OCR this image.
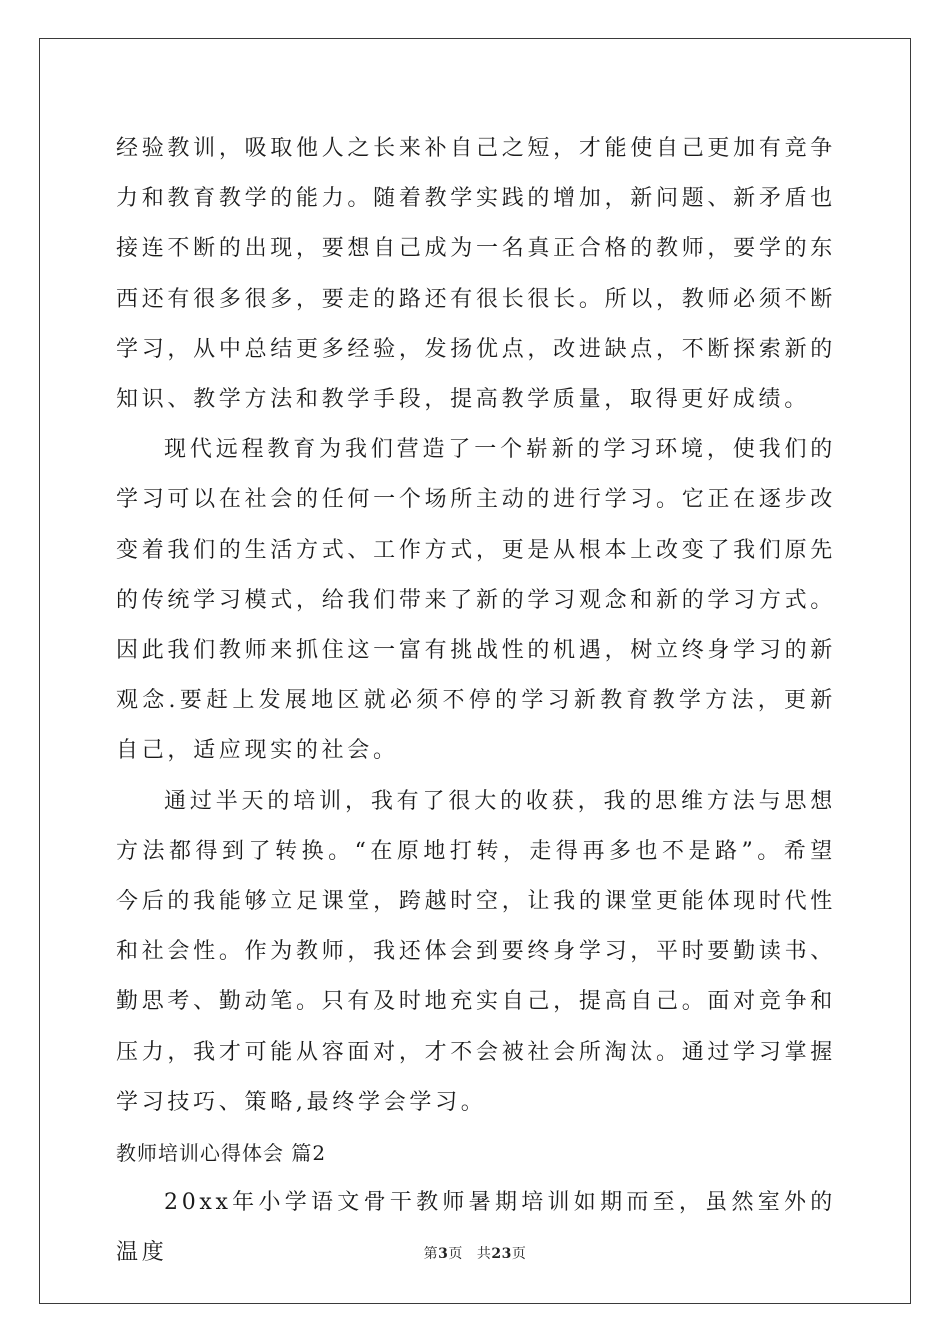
经验教训，吸取他人之长来补自己之短，才能使自己更加有竞争力和教育教学的能力。随着教学实践的增加，新问题、新矛盾也接连不断的出现，要想自己成为一名真正合格的教师，要学的东西还有很多很多，要走的路还有很长很长。所以，教师必须不断学习，从中总结更多经验，发扬优点，改进缺点，不断探索新的知识、教学方法和教学手段，提高教学质量，取得更好成绩。

现代远程教育为我们营造了一个崭新的学习环境，使我们的学习可以在社会的任何一个场所主动的进行学习。它正在逐步改变着我们的生活方式、工作方式，更是从根本上改变了我们原先的传统学习模式，给我们带来了新的学习观念和新的学习方式。因此我们教师来抓住这一富有挑战性的机遇，树立终身学习的新观念.要赶上发展地区就必须不停的学习新教育教学方法，更新自己，适应现实的社会。

通过半天的培训，我有了很大的收获，我的思维方法与思想方法都得到了转换。“在原地打转，走得再多也不是路”。希望今后的我能够立足课堂，跨越时空，让我的课堂更能体现时代性和社会性。作为教师，我还体会到要终身学习，平时要勤读书、勤思考、勤动笔。只有及时地充实自己，提高自己。面对竞争和压力，我才可能从容面对，才不会被社会所淘汰。通过学习掌握学习技巧、策略,最终学会学习。

教师培训心得体会 篇2

20xx年小学语文骨干教师暑期培训如期而至，虽然室外的温度	第3页 共23页
